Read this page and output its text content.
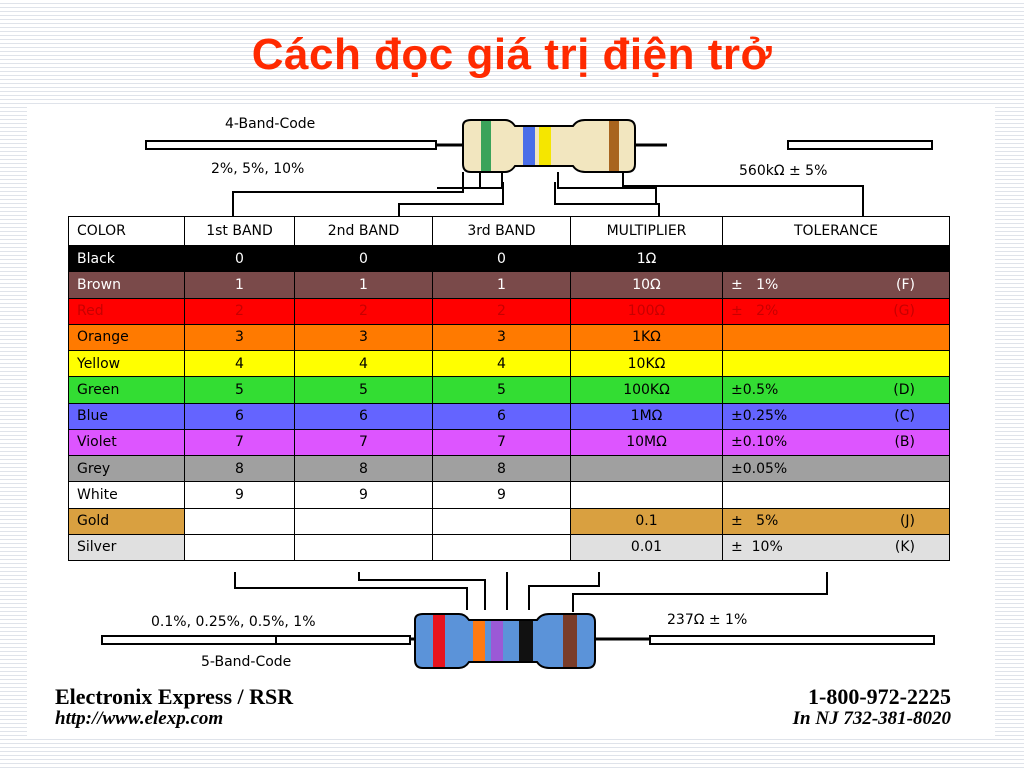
Cách đọc giá trị điện trở
4-Band-Code
2%, 5%, 10%	560kΩ ± 5%
COLOR	1st BAND	2nd BAND	3rd BAND	MULTIPLIER	TOLERANCE
Black	0	0	0	1Ω	

Brown	1	1	1	10Ω	±   1% (F)

Red	2	2	2	100Ω	±   2% (G)

Orange	3	3	3	1KΩ	

Yellow	4	4	4	10KΩ	

Green	5	5	5	100KΩ	±0.5% (D)

Blue	6	6	6	1MΩ	±0.25% (C)

Violet	7	7	7	10MΩ	±0.10% (B)

Grey	8	8	8		±0.05%

White	9	9	9		

Gold				0.1	±   5% (J)

Silver				0.01	±  10% (K)
0.1%, 0.25%, 0.5%, 1%	237Ω ± 1%
5-Band-Code
Electronix Express / RSR
http://www.elexp.com
1-800-972-2225
In NJ 732-381-8020
